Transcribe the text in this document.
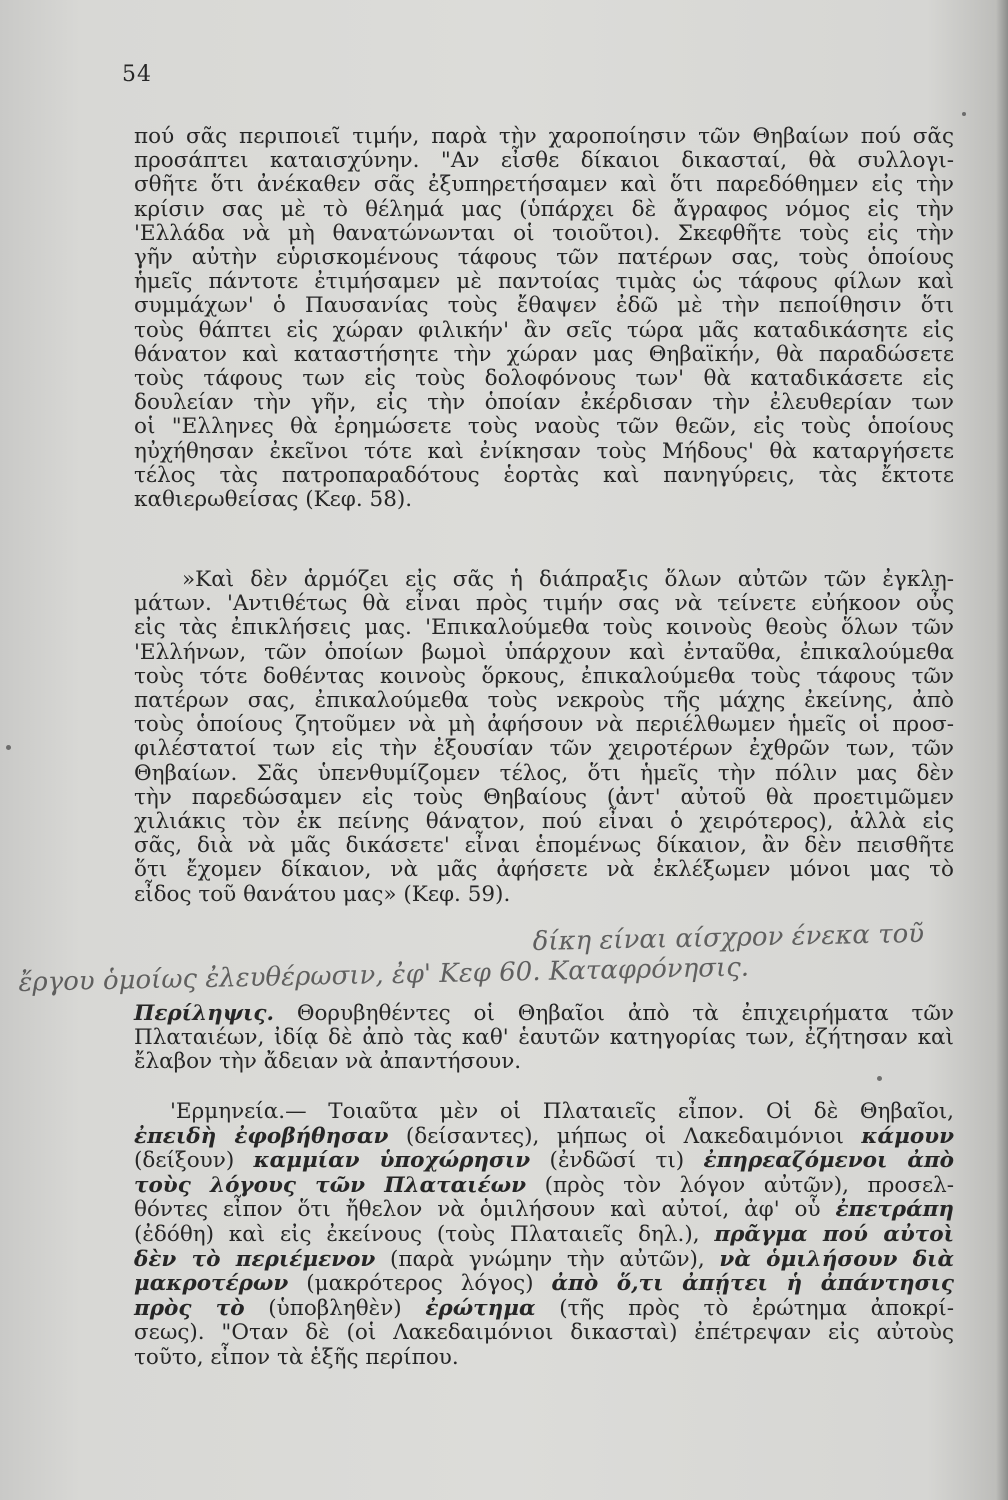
54
πού σᾶς περιποιεῖ τιμήν, παρὰ τὴν χαροποίησιν τῶν Θηβαίων πού σᾶς
προσάπτει καταισχύνην. "Αν εἶσθε δίκαιοι δικασταί, θὰ συλλογι-
σθῆτε ὅτι ἀνέκαθεν σᾶς ἐξυπηρετήσαμεν καὶ ὅτι παρεδόθημεν εἰς τὴν
κρίσιν σας μὲ τὸ θέλημά μας (ὑπάρχει δὲ ἄγραφος νόμος εἰς τὴν
'Ελλάδα νὰ μὴ θανατώνωνται οἱ τοιοῦτοι). Σκεφθῆτε τοὺς εἰς τὴν
γῆν αὐτὴν εὑρισκομένους τάφους τῶν πατέρων σας, τοὺς ὁποίους
ἡμεῖς πάντοτε ἐτιμήσαμεν μὲ παντοίας τιμὰς ὡς τάφους φίλων καὶ
συμμάχων' ὁ Παυσανίας τοὺς ἔθαψεν ἐδῶ μὲ τὴν πεποίθησιν ὅτι
τοὺς θάπτει εἰς χώραν φιλικήν' ἂν σεῖς τώρα μᾶς καταδικάσητε εἰς
θάνατον καὶ καταστήσητε τὴν χώραν μας Θηβαϊκήν, θὰ παραδώσετε
τοὺς τάφους των εἰς τοὺς δολοφόνους των' θὰ καταδικάσετε εἰς
δουλείαν τὴν γῆν, εἰς τὴν ὁποίαν ἐκέρδισαν τὴν ἐλευθερίαν των
οἱ "Ελληνες θὰ ἐρημώσετε τοὺς ναοὺς τῶν θεῶν, εἰς τοὺς ὁποίους
ηὐχήθησαν ἐκεῖνοι τότε καὶ ἐνίκησαν τοὺς Μήδους' θὰ καταργήσετε
τέλος τὰς πατροπαραδότους ἑορτὰς καὶ πανηγύρεις, τὰς ἔκτοτε
καθιερωθείσας (Κεφ. 58).
»Καὶ δὲν ἁρμόζει εἰς σᾶς ἡ διάπραξις ὅλων αὐτῶν τῶν ἐγκλη-
μάτων. 'Αντιθέτως θὰ εἶναι πρὸς τιμήν σας νὰ τείνετε εὐήκοον οὖς
εἰς τὰς ἐπικλήσεις μας. 'Επικαλούμεθα τοὺς κοινοὺς θεοὺς ὅλων τῶν
'Ελλήνων, τῶν ὁποίων βωμοὶ ὑπάρχουν καὶ ἐνταῦθα, ἐπικαλούμεθα
τοὺς τότε δοθέντας κοινοὺς ὅρκους, ἐπικαλούμεθα τοὺς τάφους τῶν
πατέρων σας, ἐπικαλούμεθα τοὺς νεκροὺς τῆς μάχης ἐκείνης, ἀπὸ
τοὺς ὁποίους ζητοῦμεν νὰ μὴ ἀφήσουν νὰ περιέλθωμεν ἡμεῖς οἱ προσ-
φιλέστατοί των εἰς τὴν ἐξουσίαν τῶν χειροτέρων ἐχθρῶν των, τῶν
Θηβαίων. Σᾶς ὑπενθυμίζομεν τέλος, ὅτι ἡμεῖς τὴν πόλιν μας δὲν
τὴν παρεδώσαμεν εἰς τοὺς Θηβαίους (ἀντ' αὐτοῦ θὰ προετιμῶμεν
χιλιάκις τὸν ἐκ πείνης θάνατον, πού εἶναι ὁ χειρότερος), ἀλλὰ εἰς
σᾶς, διὰ νὰ μᾶς δικάσετε' εἶναι ἑπομένως δίκαιον, ἂν δὲν πεισθῆτε
ὅτι ἔχομεν δίκαιον, νὰ μᾶς ἀφήσετε νὰ ἐκλέξωμεν μόνοι μας τὸ
εἶδος τοῦ θανάτου μας» (Κεφ. 59).
δίκη είναι αίσχρον ένεκα τοῦ
ἔργου ὁμοίως ἐλευθέρωσιν, ἐφ' Κεφ 60. Καταφρόνησις.
Περίληψις. Θορυβηθέντες οἱ Θηβαῖοι ἀπὸ τὰ ἐπιχειρήματα τῶν Πλαταιέων, ἰδίᾳ δὲ ἀπὸ τὰς καθ' ἑαυτῶν κατηγορίας των, ἐζήτησαν καὶ ἔλαβον τὴν ἄδειαν νὰ ἀπαντήσουν.
'Ερμηνεία.— Τοιαῦτα μὲν οἱ Πλαταιεῖς εἶπον. Οἱ δὲ Θηβαῖοι,
ἐπειδὴ ἐφοβήθησαν (δείσαντες), μήπως οἱ Λακεδαιμόνιοι κάμουν
(δείξουν) καμμίαν ὑποχώρησιν (ἐνδῶσί τι) ἐπηρεαζόμενοι ἀπὸ
τοὺς λόγους τῶν Πλαταιέων (πρὸς τὸν λόγον αὐτῶν), προσελ-
θόντες εἶπον ὅτι ἤθελον νὰ ὁμιλήσουν καὶ αὐτοί, ἀφ' οὗ ἐπετράπη
(ἐδόθη) καὶ εἰς ἐκείνους (τοὺς Πλαταιεῖς δηλ.), πρᾶγμα πού αὐτοὶ
δὲν τὸ περιέμενον (παρὰ γνώμην τὴν αὐτῶν), νὰ ὁμιλήσουν διὰ
μακροτέρων (μακρότερος λόγος) ἀπὸ ὅ,τι ἀπῄτει ἡ ἀπάντησις
πρὸς τὸ (ὑποβληθὲν) ἐρώτημα (τῆς πρὸς τὸ ἐρώτημα ἀποκρί-
σεως). "Οταν δὲ (οἱ Λακεδαιμόνιοι δικασταὶ) ἐπέτρεψαν εἰς αὐτοὺς
τοῦτο, εἶπον τὰ ἑξῆς περίπου.
